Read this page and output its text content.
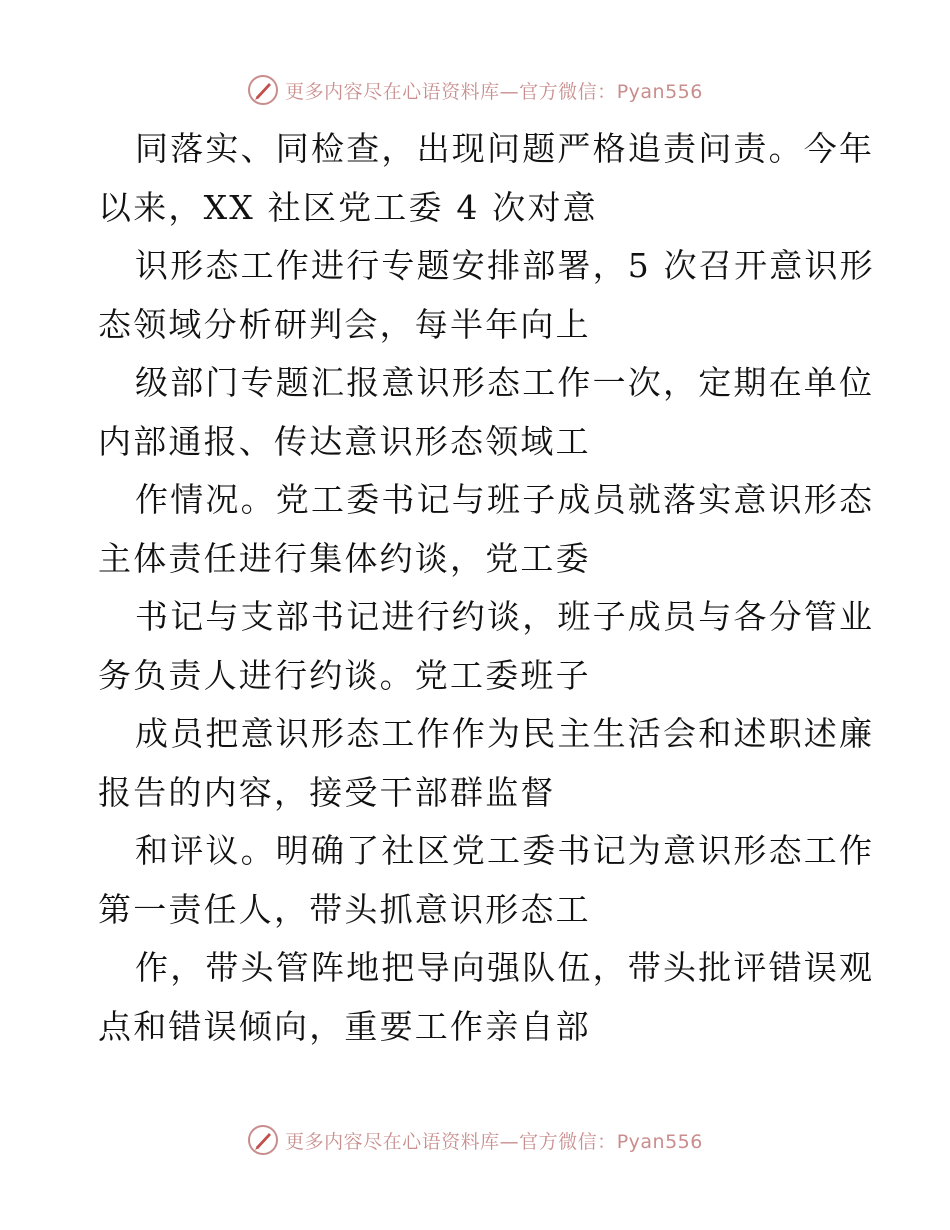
更多内容尽在心语资料库—官方微信：Pyan556
同落实、同检查，出现问题严格追责问责。今年
以来，XX 社区党工委 4 次对意
识形态工作进行专题安排部署，5 次召开意识形
态领域分析研判会，每半年向上
级部门专题汇报意识形态工作一次，定期在单位
内部通报、传达意识形态领域工
作情况。党工委书记与班子成员就落实意识形态
主体责任进行集体约谈，党工委
书记与支部书记进行约谈，班子成员与各分管业
务负责人进行约谈。党工委班子
成员把意识形态工作作为民主生活会和述职述廉
报告的内容，接受干部群监督
和评议。明确了社区党工委书记为意识形态工作
第一责任人，带头抓意识形态工
作，带头管阵地把导向强队伍，带头批评错误观
点和错误倾向，重要工作亲自部
更多内容尽在心语资料库—官方微信：Pyan556
